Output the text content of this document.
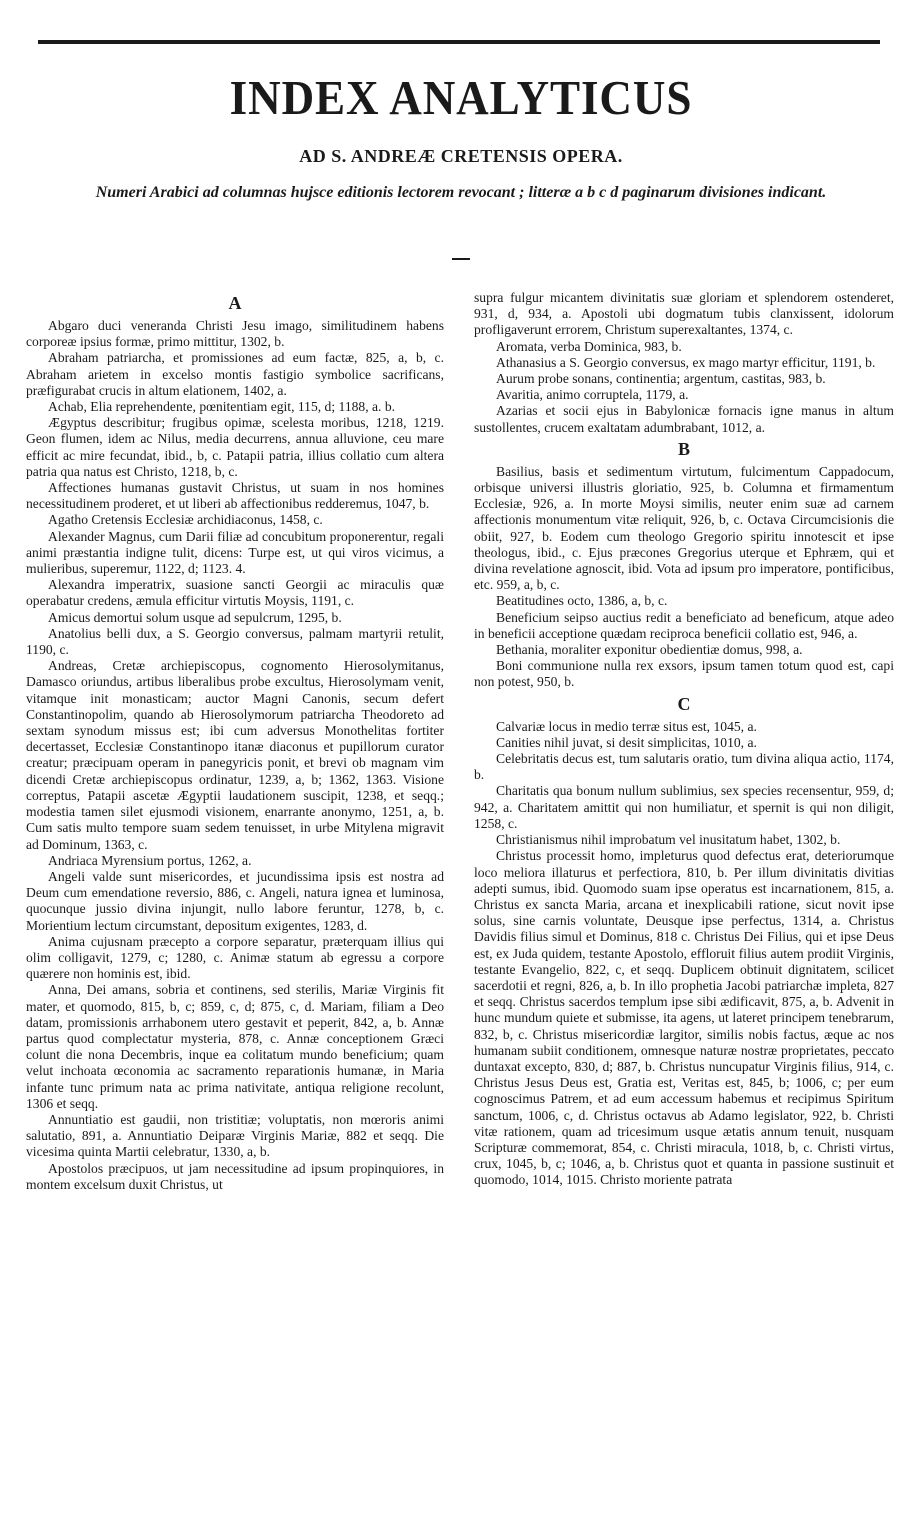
INDEX ANALYTICUS
AD S. ANDREÆ CRETENSIS OPERA.
Numeri Arabici ad columnas hujsce editionis lectorem revocant ; litteræ a b c d paginarum divisiones indicant.
A

Abgaro duci veneranda Christi Jesu imago, similitudinem habens corporeæ ipsius formæ, primo mittitur, 1302, b.

Abraham patriarcha, et promissiones ad eum factæ, 825, a, b, c. Abraham arietem in excelso montis fastigio symbolice sacrificans, præfigurabat crucis in altum elationem, 1402, a.

Achab, Elia reprehendente, pœnitentiam egit, 115, d; 1188, a. b.

Ægyptus describitur; frugibus opimæ, scelesta moribus, 1218, 1219. Geon flumen, idem ac Nilus, media decurrens, annua alluvione, ceu mare efficit ac mire fecundat, ibid., b, c. Patapii patria, illius collatio cum altera patria qua natus est Christo, 1218, b, c.

Affectiones humanas gustavit Christus, ut suam in nos homines necessitudinem proderet, et ut liberi ab affectionibus redderemus, 1047, b.

Agatho Cretensis Ecclesiæ archidiaconus, 1458, c.

Alexander Magnus, cum Darii filiæ ad concubitum proponerentur, regali animi præstantia indigne tulit, dicens: Turpe est, ut qui viros vicimus, a mulieribus, superemur, 1122, d; 1123. 4.

Alexandra imperatrix, suasione sancti Georgii ac miraculis quæ operabatur credens, æmula efficitur virtutis Moysis, 1191, c.

Amicus demortui solum usque ad sepulcrum, 1295, b.

Anatolius belli dux, a S. Georgio conversus, palmam martyrii retulit, 1190, c.

Andreas, Cretæ archiepiscopus, cognomento Hierosolymitanus, Damasco oriundus, artibus liberalibus probe excultus, Hierosolymam venit, vitamque init monasticam; auctor Magni Canonis, secum defert Constantinopolim, quando ab Hierosolymorum patriarcha Theodoreto ad sextam synodum missus est; ibi cum adversus Monothelitas fortiter decertasset, Ecclesiæ Constantinopo itanæ diaconus et pupillorum curator creatur; præcipuam operam in panegyricis ponit, et brevi ob magnam vim dicendi Cretæ archiepiscopus ordinatur, 1239, a, b; 1362, 1363. Visione correptus, Patapii ascetæ Ægyptii laudationem suscipit, 1238, et seqq.; modestia tamen silet ejusmodi visionem, enarrante anonymo, 1251, a, b. Cum satis multo tempore suam sedem tenuisset, in urbe Mitylena migravit ad Dominum, 1363, c.

Andriaca Myrensium portus, 1262, a.

Angeli valde sunt misericordes, et jucundissima ipsis est nostra ad Deum cum emendatione reversio, 886, c. Angeli, natura ignea et luminosa, quocunque jussio divina injungit, nullo labore feruntur, 1278, b, c. Morientium lectum circumstant, depositum exigentes, 1283, d.

Anima cujusnam præcepto a corpore separatur, præterquam illius qui olim colligavit, 1279, c; 1280, c. Animæ statum ab egressu a corpore quærere non hominis est, ibid.

Anna, Dei amans, sobria et continens, sed sterilis, Mariæ Virginis fit mater, et quomodo, 815, b, c; 859, c, d; 875, c, d. Mariam, filiam a Deo datam, promissionis arrhabonem utero gestavit et peperit, 842, a, b. Annæ partus quod complectatur mysteria, 878, c. Annæ conceptionem Græci colunt die nona Decembris, inque ea colitatum mundo beneficium; quam velut inchoata œconomia ac sacramento reparationis humanæ, in Maria infante tunc primum nata ac prima nativitate, antiqua religione recolunt, 1306 et seqq.

Annuntiatio est gaudii, non tristitiæ; voluptatis, non mœroris animi salutatio, 891, a. Annuntiatio Deiparæ Virginis Mariæ, 882 et seqq. Die vicesima quinta Martii celebratur, 1330, a, b.

Apostolos præcipuos, ut jam necessitudine ad ipsum propinquiores, in montem excelsum duxit Christus, ut

supra fulgur micantem divinitatis suæ gloriam et splendorem ostenderet, 931, d, 934, a. Apostoli ubi dogmatum tubis clanxissent, idolorum profligaverunt errorem, Christum superexaltantes, 1374, c.

Aromata, verba Dominica, 983, b.

Athanasius a S. Georgio conversus, ex mago martyr efficitur, 1191, b.

Aurum probe sonans, continentia; argentum, castitas, 983, b.

Avaritia, animo corruptela, 1179, a.

Azarias et socii ejus in Babylonicæ fornacis igne manus in altum sustollentes, crucem exaltatam adumbrabant, 1012, a.

B

Basilius, basis et sedimentum virtutum, fulcimentum Cappadocum, orbisque universi illustris gloriatio, 925, b. Columna et firmamentum Ecclesiæ, 926, a. In morte Moysi similis, neuter enim suæ ad carnem affectionis monumentum vitæ reliquit, 926, b, c. Octava Circumcisionis die obiit, 927, b. Eodem cum theologo Gregorio spiritu innotescit et ipse theologus, ibid., c. Ejus præcones Gregorius uterque et Ephræm, qui et divina revelatione agnoscit, ibid. Vota ad ipsum pro imperatore, pontificibus, etc. 959, a, b, c.

Beatitudines octo, 1386, a, b, c.

Beneficium seipso auctius redit a beneficiato ad beneficum, atque adeo in beneficii acceptione quædam reciproca beneficii collatio est, 946, a.

Bethania, moraliter exponitur obedientiæ domus, 998, a.

Boni communione nulla rex exsors, ipsum tamen totum quod est, capi non potest, 950, b.

C

Calvariæ locus in medio terræ situs est, 1045, a.

Canities nihil juvat, si desit simplicitas, 1010, a.

Celebritatis decus est, tum salutaris oratio, tum divina aliqua actio, 1174, b.

Charitatis qua bonum nullum sublimius, sex species recensentur, 959, d; 942, a. Charitatem amittit qui non humiliatur, et spernit is qui non diligit, 1258, c.

Christianismus nihil improbatum vel inusitatum habet, 1302, b.

Christus processit homo, impleturus quod defectus erat, deteriorumque loco meliora illaturus et perfectiora, 810, b. Per illum divinitatis divitias adepti sumus, ibid. Quomodo suam ipse operatus est incarnationem, 815, a. Christus ex sancta Maria, arcana et inexplicabili ratione, sicut novit ipse solus, sine carnis voluntate, Deusque ipse perfectus, 1314, a. Christus Davidis filius simul et Dominus, 818 c. Christus Dei Filius, qui et ipse Deus est, ex Juda quidem, testante Apostolo, effloruit filius autem prodiit Virginis, testante Evangelio, 822, c, et seqq. Duplicem obtinuit dignitatem, scilicet sacerdotii et regni, 826, a, b. In illo prophetia Jacobi patriarchæ impleta, 827 et seqq. Christus sacerdos templum ipse sibi ædificavit, 875, a, b. Advenit in hunc mundum quiete et submisse, ita agens, ut lateret principem tenebrarum, 832, b, c. Christus misericordiæ largitor, similis nobis factus, æque ac nos humanam subiit conditionem, omnesque naturæ nostræ proprietates, peccato duntaxat excepto, 830, d; 887, b. Christus nuncupatur Virginis filius, 914, c. Christus Jesus Deus est, Gratia est, Veritas est, 845, b; 1006, c; per eum cognoscimus Patrem, et ad eum accessum habemus et recipimus Spiritum sanctum, 1006, c, d. Christus octavus ab Adamo legislator, 922, b. Christi vitæ rationem, quam ad tricesimum usque ætatis annum tenuit, nusquam Scripturæ commemorat, 854, c. Christi miracula, 1018, b, c. Christi virtus, crux, 1045, b, c; 1046, a, b. Christus quot et quanta in passione sustinuit et quomodo, 1014, 1015. Christo moriente patrata
